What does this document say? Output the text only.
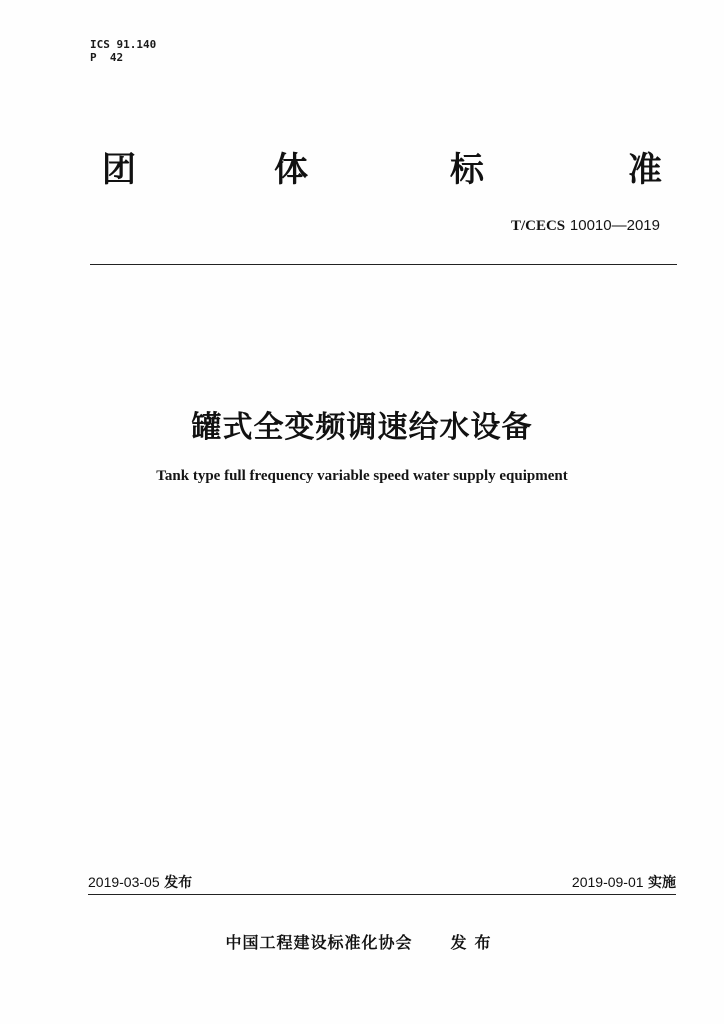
ICS 91.140
P  42
团	体	标	准
T/CECS 10010—2019
罐式全变频调速给水设备
Tank type full frequency variable speed water supply equipment
2019-03-05 发布	2019-09-01 实施
中国工程建设标准化协会 发布
